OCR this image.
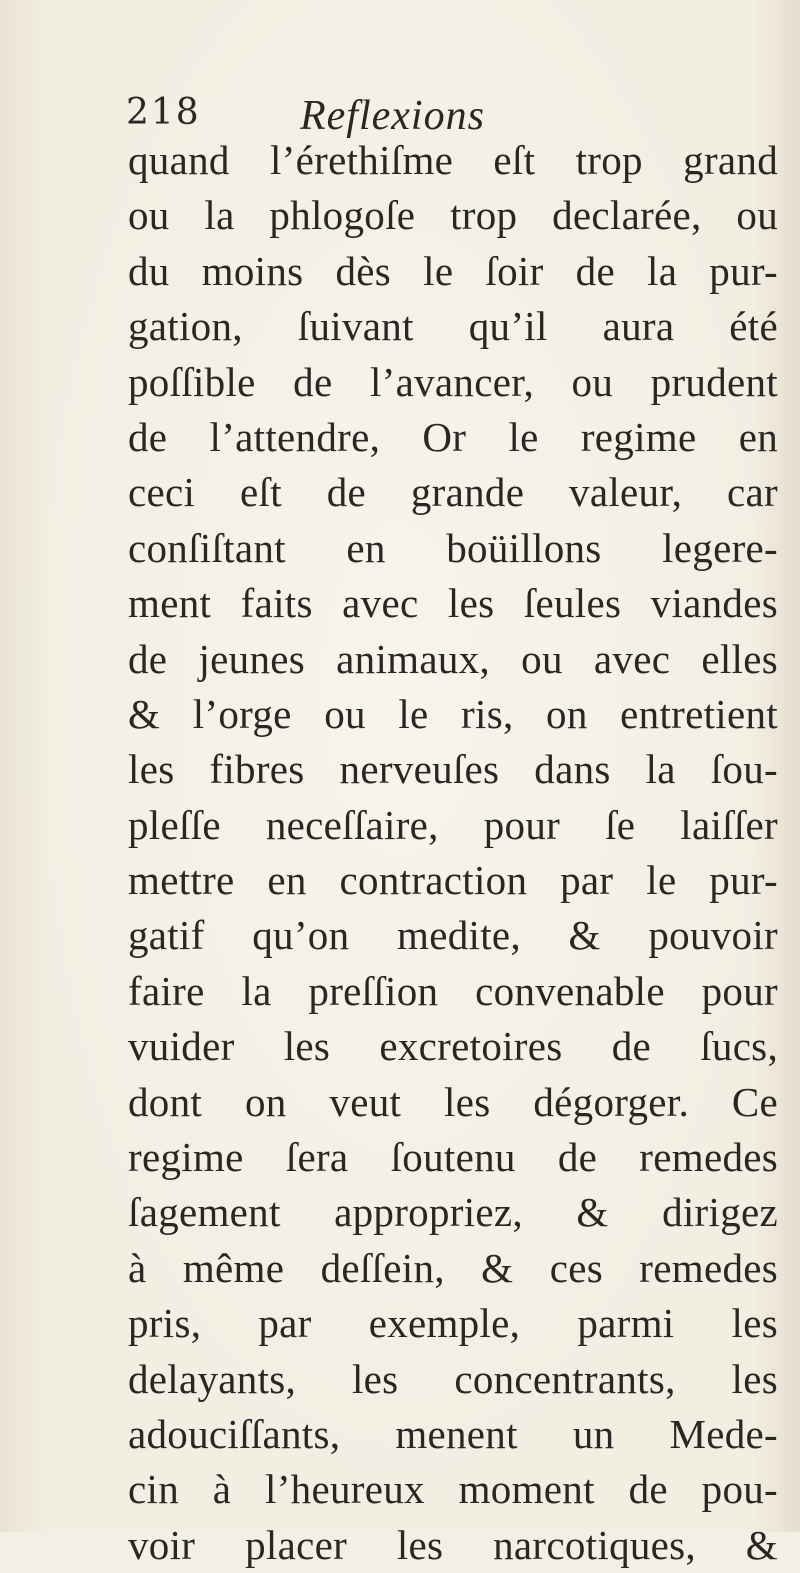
218 Reflexions
quand l’érethiſme eſt trop grand
ou la phlogoſe trop declarée, ou
du moins dès le ſoir de la pur-
gation, ſuivant qu’il aura été
poſſible de l’avancer, ou prudent
de l’attendre, Or le regime en
ceci eſt de grande valeur, car
conſiſtant en boüillons legere-
ment faits avec les ſeules viandes
de jeunes animaux, ou avec elles
& l’orge ou le ris, on entretient
les fibres nerveuſes dans la ſou-
pleſſe neceſſaire, pour ſe laiſſer
mettre en contraction par le pur-
gatif qu’on medite, & pouvoir
faire la preſſion convenable pour
vuider les excretoires de ſucs,
dont on veut les dégorger. Ce
regime ſera ſoutenu de remedes
ſagement appropriez, & dirigez
à même deſſein, & ces remedes
pris, par exemple, parmi les
delayants, les concentrants, les
adouciſſants, menent un Mede-
cin à l’heureux moment de pou-
voir placer les narcotiques, &
